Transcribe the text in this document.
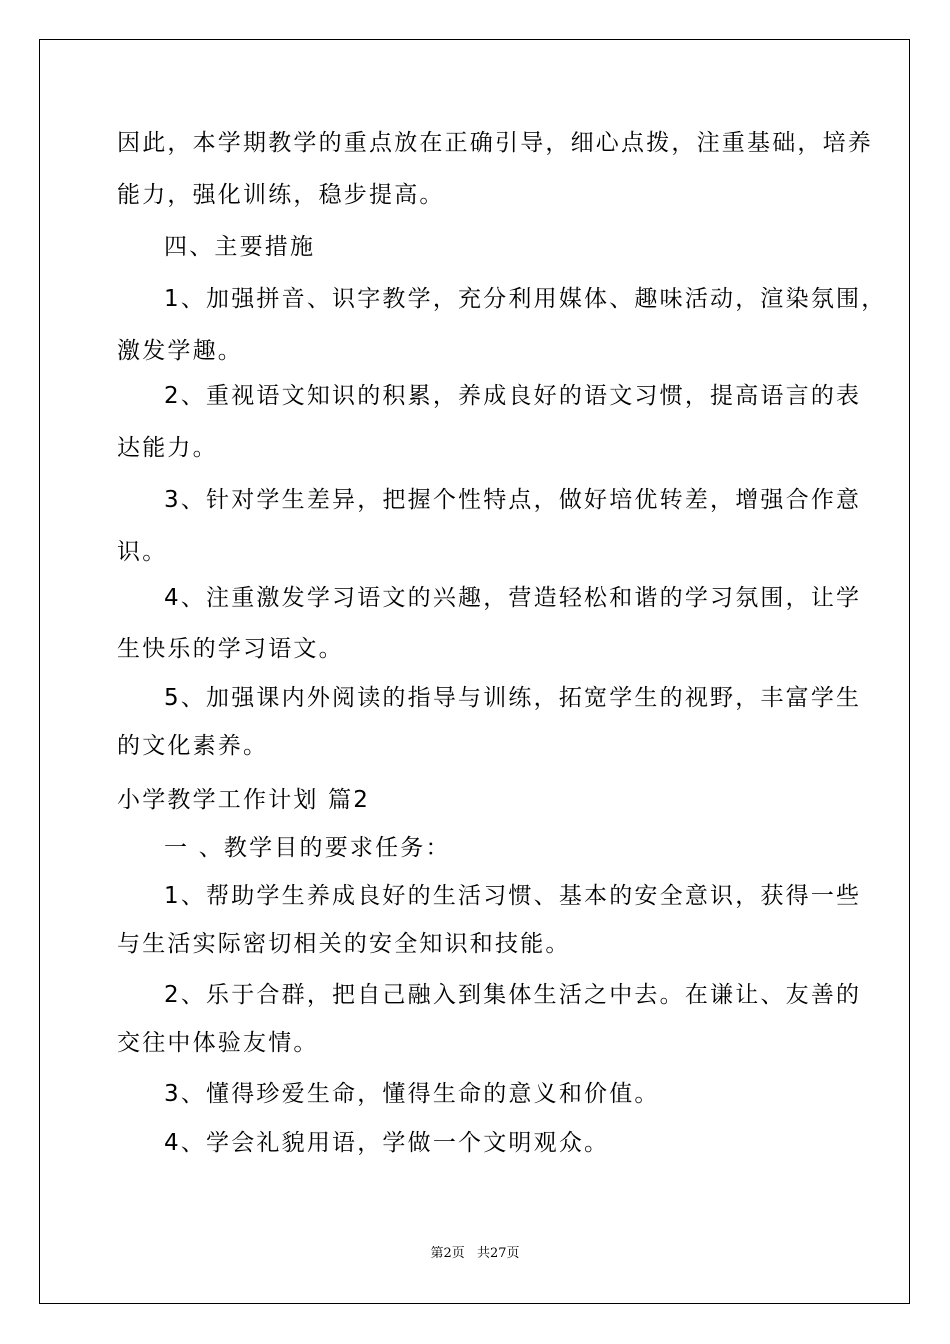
因此，本学期教学的重点放在正确引导，细心点拨，注重基础，培养
能力，强化训练，稳步提高。
四、主要措施
1、加强拼音、识字教学，充分利用媒体、趣味活动，渲染氛围，
激发学趣。
2、重视语文知识的积累，养成良好的语文习惯，提高语言的表
达能力。
3、针对学生差异，把握个性特点，做好培优转差，增强合作意
识。
4、注重激发学习语文的兴趣，营造轻松和谐的学习氛围，让学
生快乐的学习语文。
5、加强课内外阅读的指导与训练，拓宽学生的视野，丰富学生
的文化素养。
小学教学工作计划 篇2
一 、教学目的要求任务：
1、帮助学生养成良好的生活习惯、基本的安全意识，获得一些
与生活实际密切相关的安全知识和技能。
2、乐于合群，把自己融入到集体生活之中去。在谦让、友善的
交往中体验友情。
3、懂得珍爱生命，懂得生命的意义和价值。
4、学会礼貌用语，学做一个文明观众。
第2页 共27页
